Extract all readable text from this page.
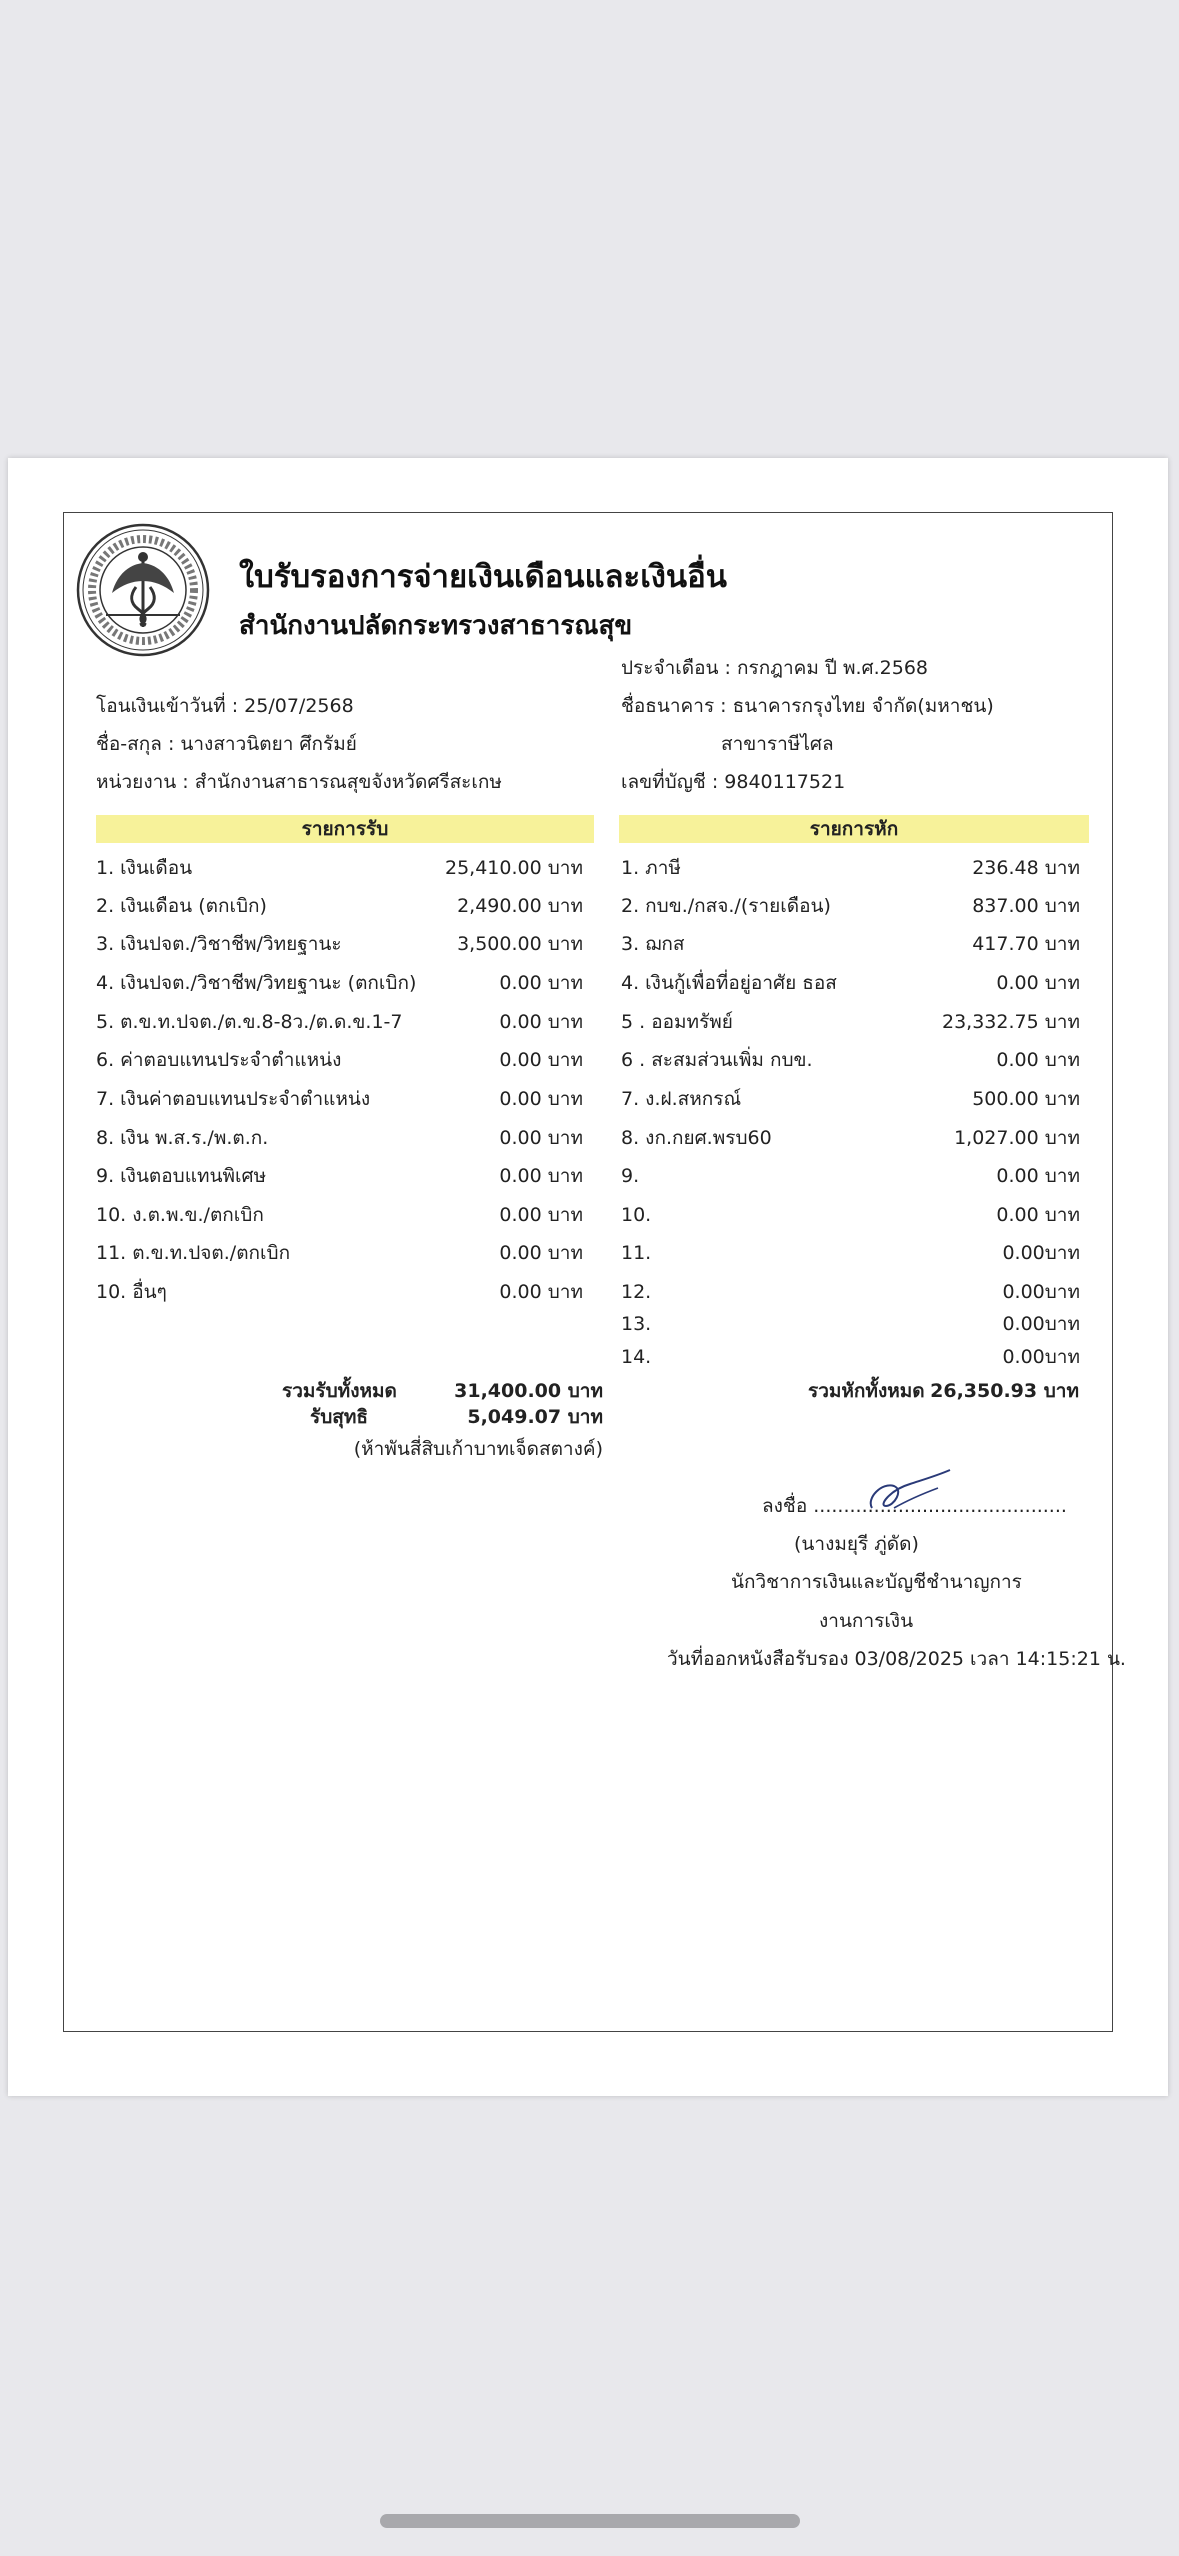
ใบรับรองการจ่ายเงินเดือนและเงินอื่น
สำนักงานปลัดกระทรวงสาธารณสุข
ประจำเดือน : กรกฎาคม ปี พ.ศ.2568
โอนเงินเข้าวันที่ : 25/07/2568	ชื่อธนาคาร : ธนาคารกรุงไทย จำกัด(มหาชน)
ชื่อ-สกุล : นางสาวนิตยา ศึกรัมย์	สาขาราษีไศล
หน่วยงาน : สำนักงานสาธารณสุขจังหวัดศรีสะเกษ	เลขที่บัญชี : 9840117521
รายการรับ	รายการหัก
1. เงินเดือน	25,410.00 บาท
2. เงินเดือน (ตกเบิก)	2,490.00 บาท
3. เงินปจต./วิชาชีพ/วิทยฐานะ	3,500.00 บาท
4. เงินปจต./วิชาชีพ/วิทยฐานะ (ตกเบิก)	0.00 บาท
5. ต.ข.ท.ปจต./ต.ข.8-8ว./ต.ด.ข.1-7	0.00 บาท
6. ค่าตอบแทนประจำตำแหน่ง	0.00 บาท
7. เงินค่าตอบแทนประจำตำแหน่ง	0.00 บาท
8. เงิน พ.ส.ร./พ.ต.ก.	0.00 บาท
9. เงินตอบแทนพิเศษ	0.00 บาท
10. ง.ต.พ.ข./ตกเบิก	0.00 บาท
11. ต.ข.ท.ปจต./ตกเบิก	0.00 บาท
10. อื่นๆ	0.00 บาท
1. ภาษี	236.48 บาท
2. กบข./กสจ./(รายเดือน)	837.00 บาท
3. ฌกส	417.70 บาท
4. เงินกู้เพื่อที่อยู่อาศัย ธอส	0.00 บาท
5 . ออมทรัพย์	23,332.75 บาท
6 . สะสมส่วนเพิ่ม กบข.	0.00 บาท
7. ง.ฝ.สหกรณ์	500.00 บาท
8. งก.กยศ.พรบ60	1,027.00 บาท
9.	0.00 บาท
10.	0.00 บาท
11.	0.00บาท
12.	0.00บาท
13.	0.00บาท
14.	0.00บาท
รวมรับทั้งหมด	31,400.00 บาท
รับสุทธิ	5,049.07 บาท
(ห้าพันสี่สิบเก้าบาทเจ็ดสตางค์)
รวมหักทั้งหมด 26,350.93 บาท
ลงชื่อ ..........................................
(นางมยุรี ภู่ดัด)
นักวิชาการเงินและบัญชีชำนาญการ
งานการเงิน
วันที่ออกหนังสือรับรอง 03/08/2025 เวลา 14:15:21 น.
